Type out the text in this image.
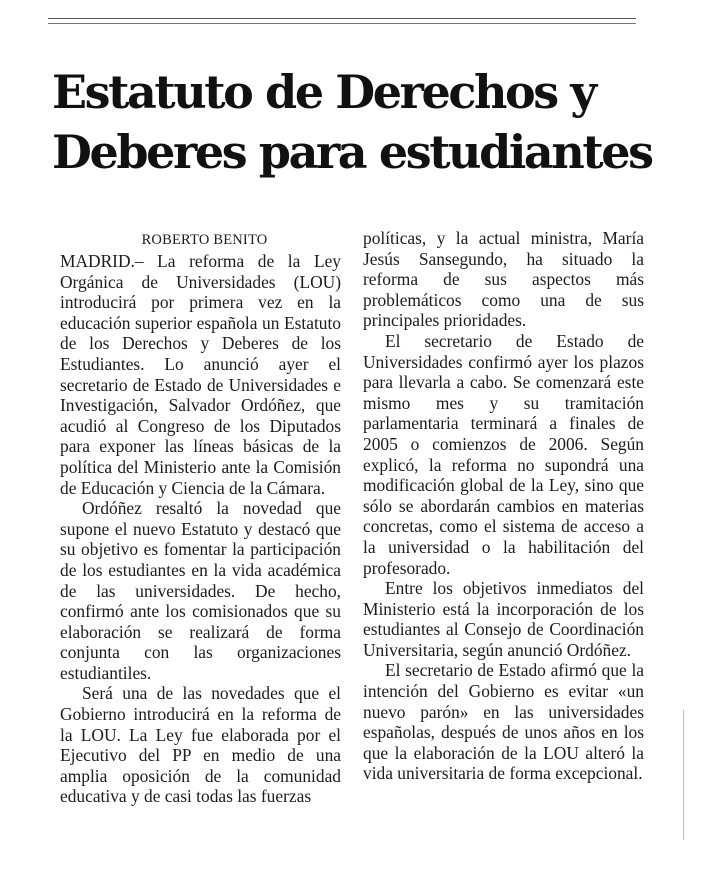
Estatuto de Derechos y
Deberes para estudiantes
ROBERTO BENITO

MADRID.– La reforma de la Ley Orgánica de Universidades (LOU) introducirá por primera vez en la educación superior española un Estatuto de los Derechos y Deberes de los Estudiantes. Lo anunció ayer el secretario de Estado de Universidades e Investigación, Salvador Ordóñez, que acudió al Congreso de los Diputados para exponer las líneas básicas de la política del Ministerio ante la Comisión de Educación y Ciencia de la Cámara.

Ordóñez resaltó la novedad que supone el nuevo Estatuto y destacó que su objetivo es fomentar la participación de los estudiantes en la vida académica de las universidades. De hecho, confirmó ante los comisionados que su elaboración se realizará de forma conjunta con las organizaciones estudiantiles.

Será una de las novedades que el Gobierno introducirá en la reforma de la LOU. La Ley fue elaborada por el Ejecutivo del PP en medio de una amplia oposición de la comunidad educativa y de casi todas las fuerzas

políticas, y la actual ministra, María Jesús Sansegundo, ha situado la reforma de sus aspectos más problemáticos como una de sus principales prioridades.

El secretario de Estado de Universidades confirmó ayer los plazos para llevarla a cabo. Se comenzará este mismo mes y su tramitación parlamentaria terminará a finales de 2005 o comienzos de 2006. Según explicó, la reforma no supondrá una modificación global de la Ley, sino que sólo se abordarán cambios en materias concretas, como el sistema de acceso a la universidad o la habilitación del profesorado.

Entre los objetivos inmediatos del Ministerio está la incorporación de los estudiantes al Consejo de Coordinación Universitaria, según anunció Ordóñez.

El secretario de Estado afirmó que la intención del Gobierno es evitar «un nuevo parón» en las universidades españolas, después de unos años en los que la elaboración de la LOU alteró la vida universitaria de forma excepcional.
